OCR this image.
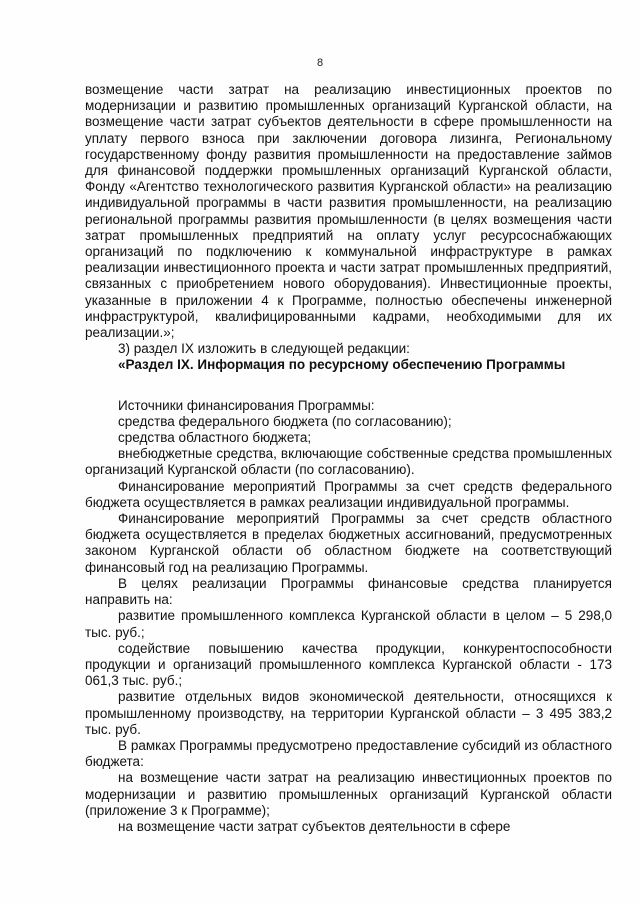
8

возмещение части затрат на реализацию инвестиционных проектов по модернизации и развитию промышленных организаций Курганской области, на возмещение части затрат субъектов деятельности в сфере промышленности на уплату первого взноса при заключении договора лизинга, Региональному государственному фонду развития промышленности на предоставление займов для финансовой поддержки промышленных организаций Курганской области, Фонду «Агентство технологического развития Курганской области» на реализацию индивидуальной программы в части развития промышленности, на реализацию региональной программы развития промышленности (в целях возмещения части затрат промышленных предприятий на оплату услуг ресурсоснабжающих организаций по подключению к коммунальной инфраструктуре в рамках реализации инвестиционного проекта и части затрат промышленных предприятий, связанных с приобретением нового оборудования). Инвестиционные проекты, указанные в приложении 4 к Программе, полностью обеспечены инженерной инфраструктурой, квалифицированными кадрами, необходимыми для их реализации.»;

3) раздел IX изложить в следующей редакции:

«Раздел IX. Информация по ресурсному обеспечению Программы

Источники финансирования Программы:

средства федерального бюджета (по согласованию);

средства областного бюджета;

внебюджетные средства, включающие собственные средства промышленных организаций Курганской области (по согласованию).

Финансирование мероприятий Программы за счет средств федерального бюджета осуществляется в рамках реализации индивидуальной программы.

Финансирование мероприятий Программы за счет средств областного бюджета осуществляется в пределах бюджетных ассигнований, предусмотренных законом Курганской области об областном бюджете на соответствующий финансовый год на реализацию Программы.

В целях реализации Программы финансовые средства планируется направить на:

развитие промышленного комплекса Курганской области в целом – 5 298,0 тыс. руб.;

содействие повышению качества продукции, конкурентоспособности продукции и организаций промышленного комплекса Курганской области - 173 061,3 тыс. руб.;

развитие отдельных видов экономической деятельности, относящихся к промышленному производству, на территории Курганской области – 3 495 383,2 тыс. руб.

В рамках Программы предусмотрено предоставление субсидий из областного бюджета:

на возмещение части затрат на реализацию инвестиционных проектов по модернизации и развитию промышленных организаций Курганской области (приложение 3 к Программе);

на возмещение части затрат субъектов деятельности в сфере
